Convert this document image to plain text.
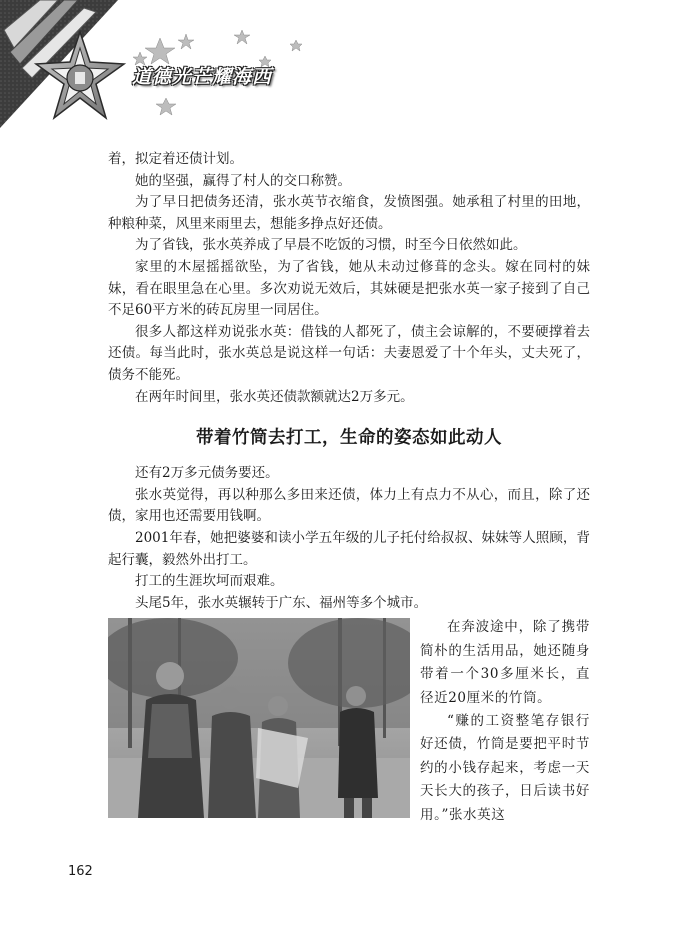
道德光芒耀海西

着，拟定着还债计划。

她的坚强，赢得了村人的交口称赞。

为了早日把债务还清，张水英节衣缩食，发愤图强。她承租了村里的田地，种粮种菜，风里来雨里去，想能多挣点好还债。

为了省钱，张水英养成了早晨不吃饭的习惯，时至今日依然如此。

家里的木屋摇摇欲坠，为了省钱，她从未动过修葺的念头。嫁在同村的妹妹，看在眼里急在心里。多次劝说无效后，其妹硬是把张水英一家子接到了自己不足60平方米的砖瓦房里一同居住。

很多人都这样劝说张水英：借钱的人都死了，债主会谅解的，不要硬撑着去还债。每当此时，张水英总是说这样一句话：夫妻恩爱了十个年头，丈夫死了，债务不能死。

在两年时间里，张水英还债款额就达2万多元。

带着竹筒去打工，生命的姿态如此动人

还有2万多元债务要还。

张水英觉得，再以种那么多田来还债，体力上有点力不从心，而且，除了还债，家用也还需要用钱啊。

2001年春，她把婆婆和读小学五年级的儿子托付给叔叔、妹妹等人照顾，背起行囊，毅然外出打工。

打工的生涯坎坷而艰难。

头尾5年，张水英辗转于广东、福州等多个城市。

在奔波途中，除了携带简朴的生活用品，她还随身带着一个30多厘米长，直径近20厘米的竹筒。

“赚的工资整笔存银行好还债，竹筒是要把平时节约的小钱存起来，考虑一天天长大的孩子，日后读书好用。”张水英这

162
